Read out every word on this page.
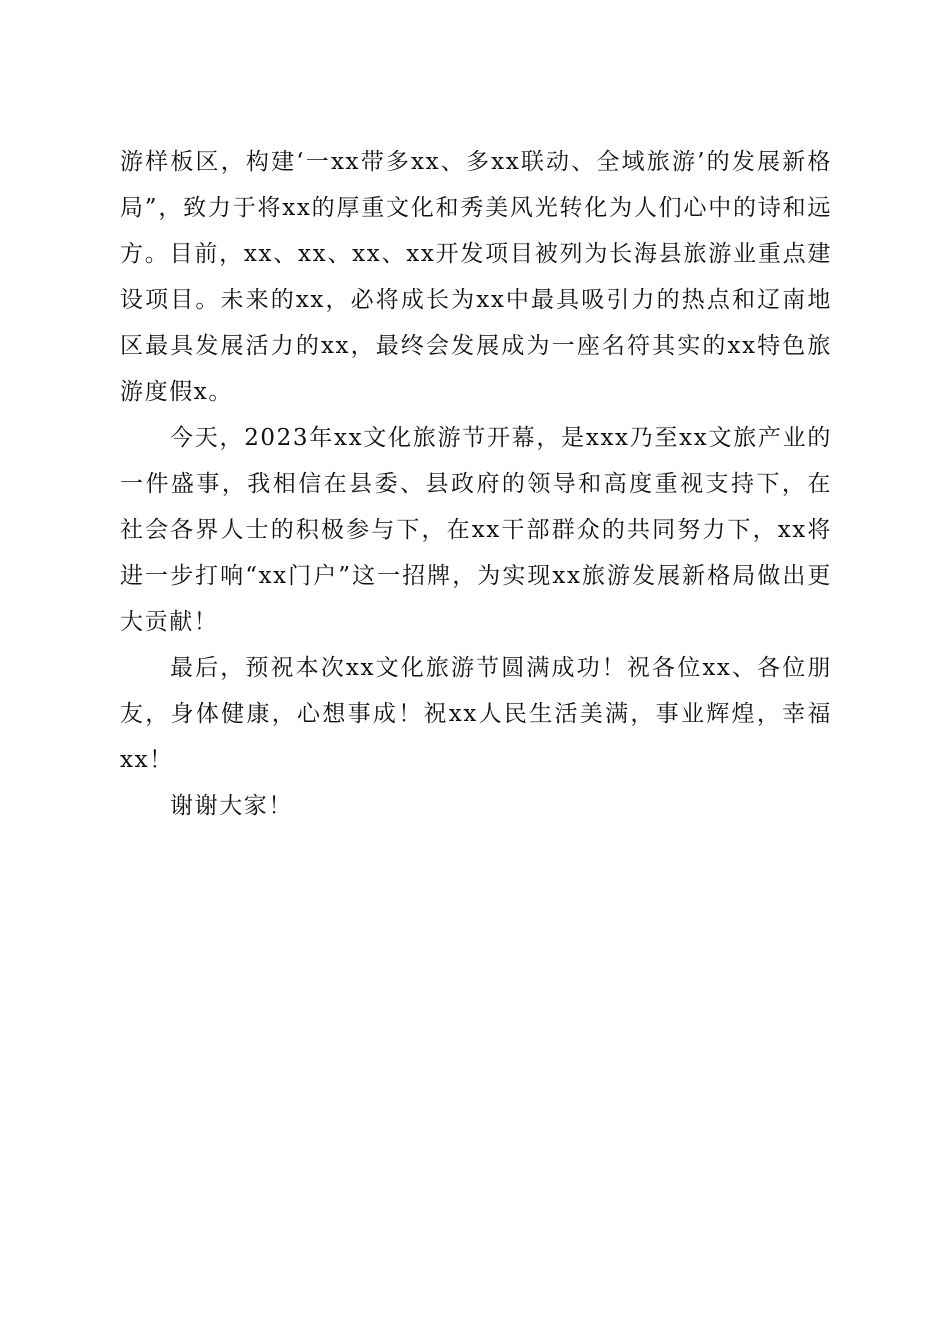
游样板区，构建‘一xx带多xx、多xx联动、全域旅游’的发展新格局”，致力于将xx的厚重文化和秀美风光转化为人们心中的诗和远方。目前，xx、xx、xx、xx开发项目被列为长海县旅游业重点建设项目。未来的xx，必将成长为xx中最具吸引力的热点和辽南地区最具发展活力的xx，最终会发展成为一座名符其实的xx特色旅游度假x。

今天，2023年xx文化旅游节开幕，是xxx乃至xx文旅产业的一件盛事，我相信在县委、县政府的领导和高度重视支持下，在社会各界人士的积极参与下，在xx干部群众的共同努力下，xx将进一步打响“xx门户”这一招牌，为实现xx旅游发展新格局做出更大贡献！

最后，预祝本次xx文化旅游节圆满成功！祝各位xx、各位朋友，身体健康，心想事成！祝xx人民生活美满，事业辉煌，幸福xx！

谢谢大家！
